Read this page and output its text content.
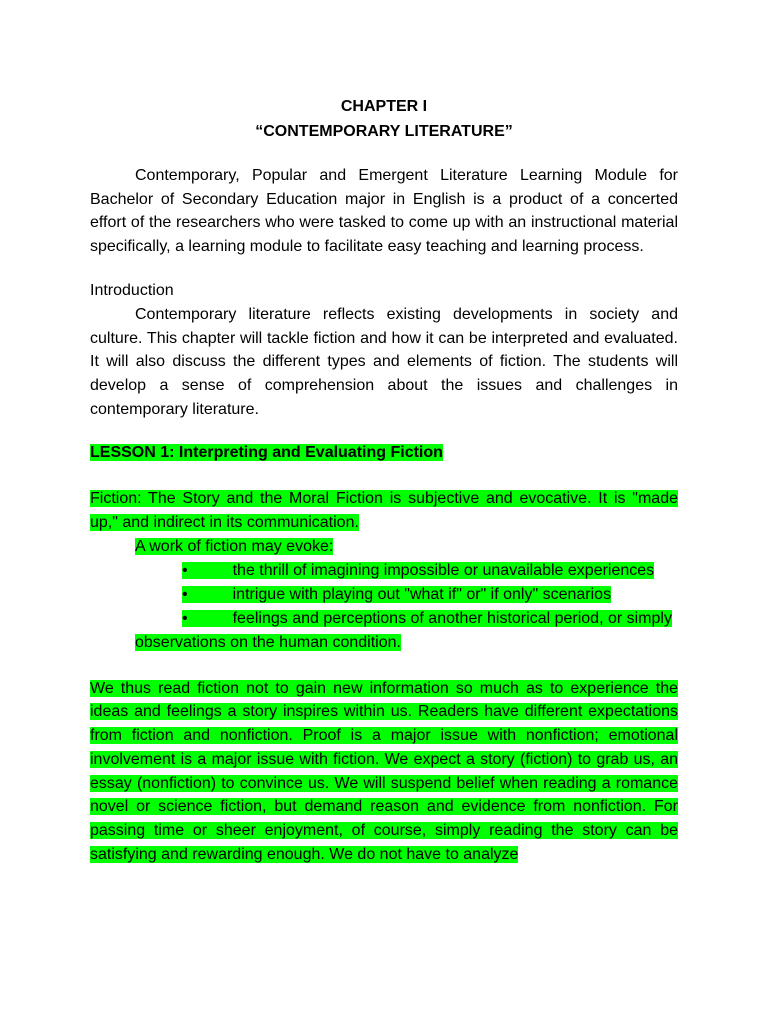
CHAPTER I
“CONTEMPORARY LITERATURE”

Contemporary, Popular and Emergent Literature Learning Module for Bachelor of Secondary Education major in English is a product of a concerted effort of the researchers who were tasked to come up with an instructional material specifically, a learning module to facilitate easy teaching and learning process.

Introduction

Contemporary literature reflects existing developments in society and culture. This chapter will tackle fiction and how it can be interpreted and evaluated. It will also discuss the different types and elements of fiction. The students will develop a sense of comprehension about the issues and challenges in contemporary literature.

LESSON 1: Interpreting and Evaluating Fiction

Fiction: The Story and the Moral Fiction is subjective and evocative. It is "made up," and indirect in its communication.

A work of fiction may evoke:
•	the thrill of imagining impossible or unavailable experiences
•	intrigue with playing out "what if" or" if only" scenarios
•	feelings and perceptions of another historical period, or simply
observations on the human condition.

We thus read fiction not to gain new information so much as to experience the ideas and feelings a story inspires within us. Readers have different expectations from fiction and nonfiction. Proof is a major issue with nonfiction; emotional involvement is a major issue with fiction. We expect a story (fiction) to grab us, an essay (nonfiction) to convince us. We will suspend belief when reading a romance novel or science fiction, but demand reason and evidence from nonfiction. For passing time or sheer enjoyment, of course, simply reading the story can be satisfying and rewarding enough. We do not have to analyze
